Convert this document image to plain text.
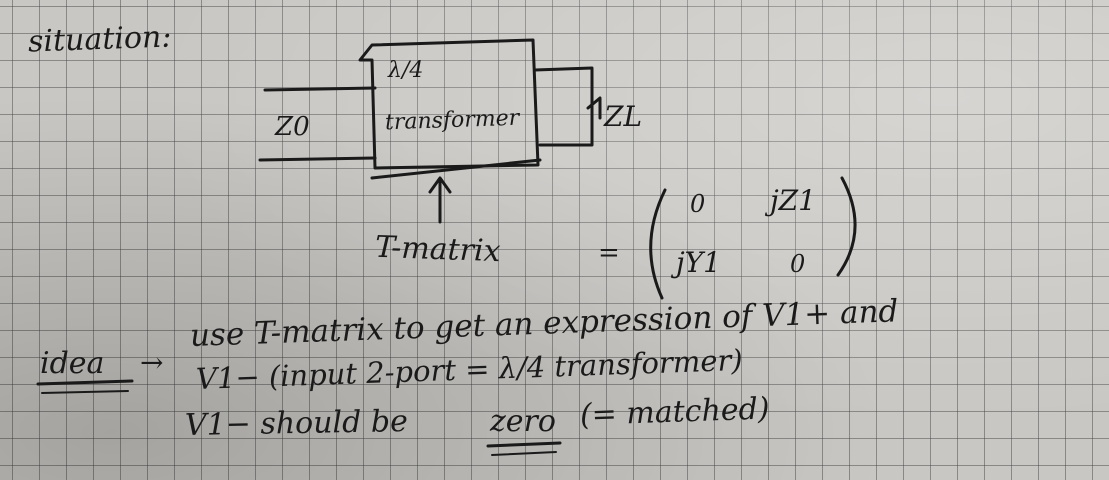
situation:
Z0
λ/4
transformer	ZL
T-matrix	=
0 jZ1
jY1	0
idea →
use T-matrix to get an expression of V1+ and
V1− (input 2-port = λ/4 transformer)
V1− should be	zero (= matched)
